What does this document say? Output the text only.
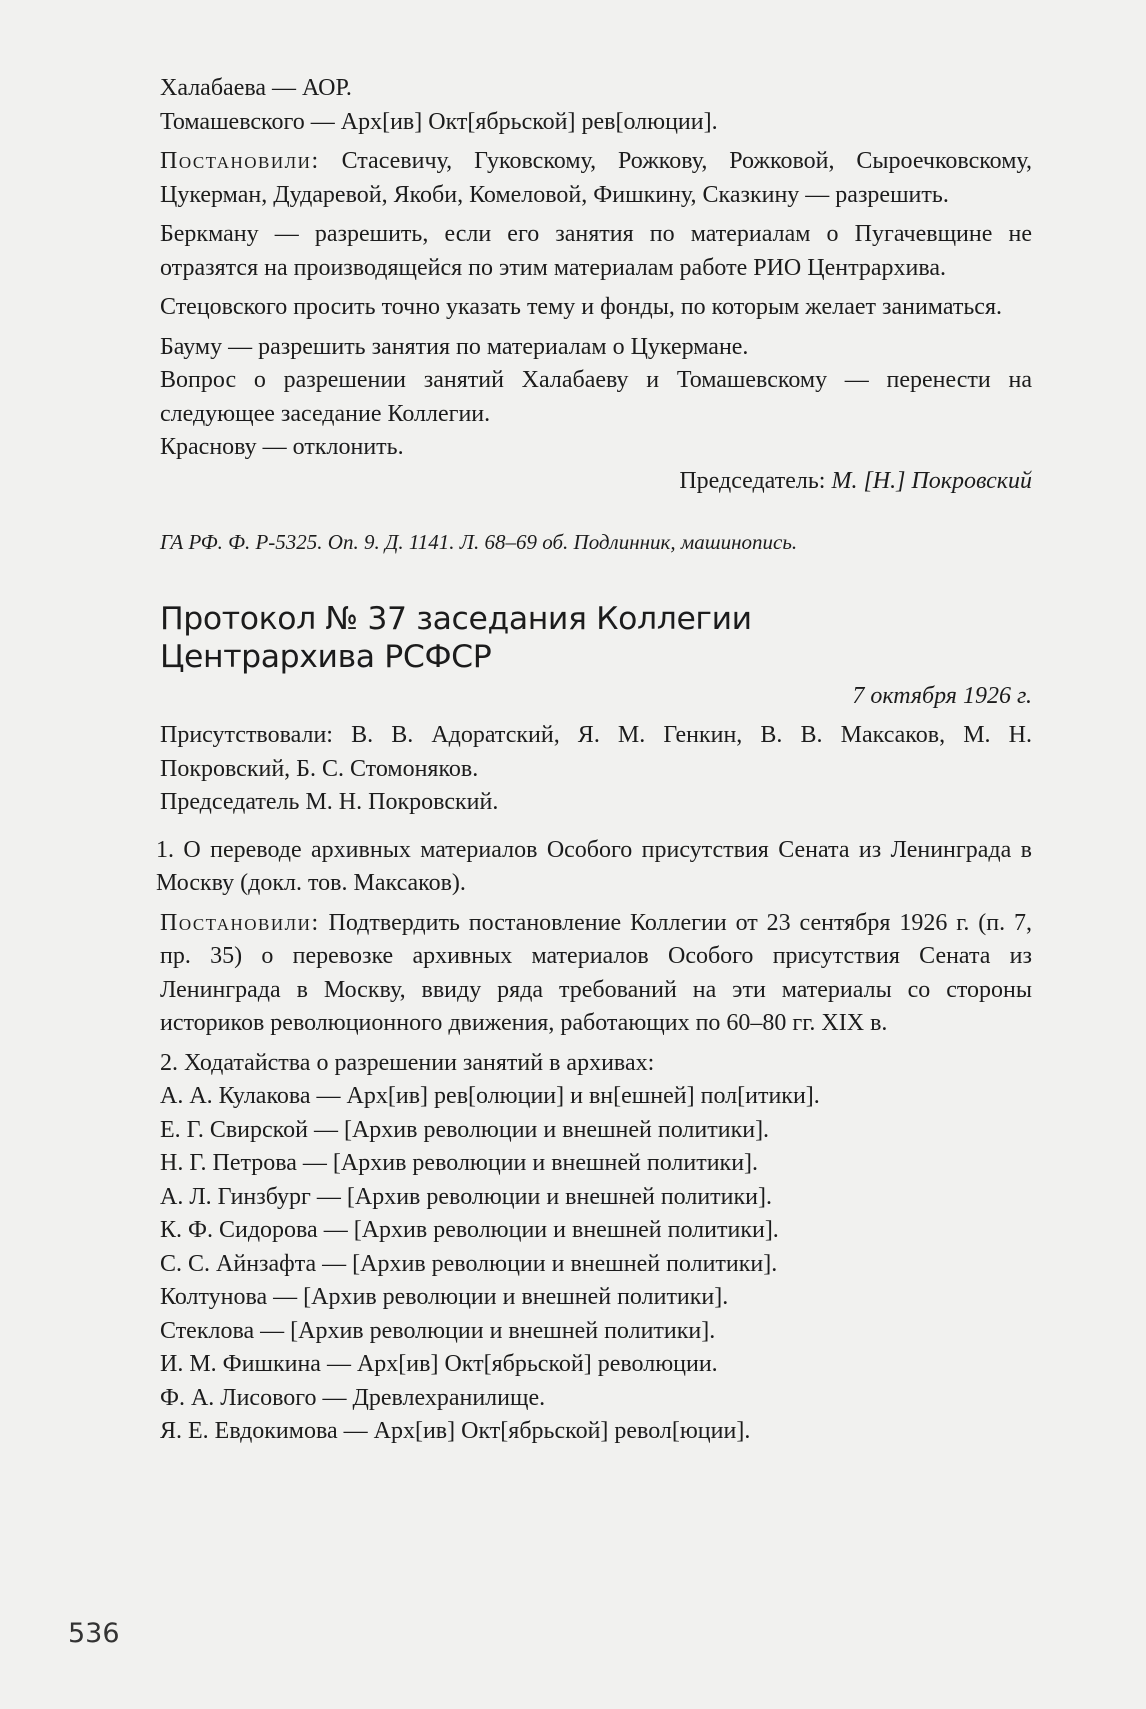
Халабаева — АОР.

Томашевского — Арх[ив] Окт[ябрьской] рев[олюции].

Постановили: Стасевичу, Гуковскому, Рожкову, Рожковой, Сыроечковскому, Цукерман, Дударевой, Якоби, Комеловой, Фишкину, Сказкину — разрешить.

Беркману — разрешить, если его занятия по материалам о Пугачевщине не отразятся на производящейся по этим материалам работе РИО Центрархива.

Стецовского просить точно указать тему и фонды, по которым желает заниматься.

Бауму — разрешить занятия по материалам о Цукермане.

Вопрос о разрешении занятий Халабаеву и Томашевскому — перенести на следующее заседание Коллегии.

Краснову — отклонить.

Председатель: М. [Н.] Покровский

ГА РФ. Ф. Р-5325. Оп. 9. Д. 1141. Л. 68–69 об. Подлинник, машинопись.

Протокол № 37 заседания Коллегии
Центрархива РСФСР

7 октября 1926 г.

Присутствовали: В. В. Адоратский, Я. М. Генкин, В. В. Максаков, М. Н. Покровский, Б. С. Стомоняков.

Председатель М. Н. Покровский.

1. О переводе архивных материалов Особого присутствия Сената из Ленинграда в Москву (докл. тов. Максаков).

Постановили: Подтвердить постановление Коллегии от 23 сентября 1926 г. (п. 7, пр. 35) о перевозке архивных материалов Особого присутствия Сената из Ленинграда в Москву, ввиду ряда требований на эти материалы со стороны историков революционного движения, работающих по 60–80 гг. XIX в.

2. Ходатайства о разрешении занятий в архивах:

А. А. Кулакова — Арх[ив] рев[олюции] и вн[ешней] пол[итики].

Е. Г. Свирской — [Архив революции и внешней политики].

Н. Г. Петрова — [Архив революции и внешней политики].

А. Л. Гинзбург — [Архив революции и внешней политики].

К. Ф. Сидорова — [Архив революции и внешней политики].

С. С. Айнзафта — [Архив революции и внешней политики].

Колтунова — [Архив революции и внешней политики].

Стеклова — [Архив революции и внешней политики].

И. М. Фишкина — Арх[ив] Окт[ябрьской] революции.

Ф. А. Лисового — Древлехранилище.

Я. Е. Евдокимова — Арх[ив] Окт[ябрьской] револ[юции].

536
